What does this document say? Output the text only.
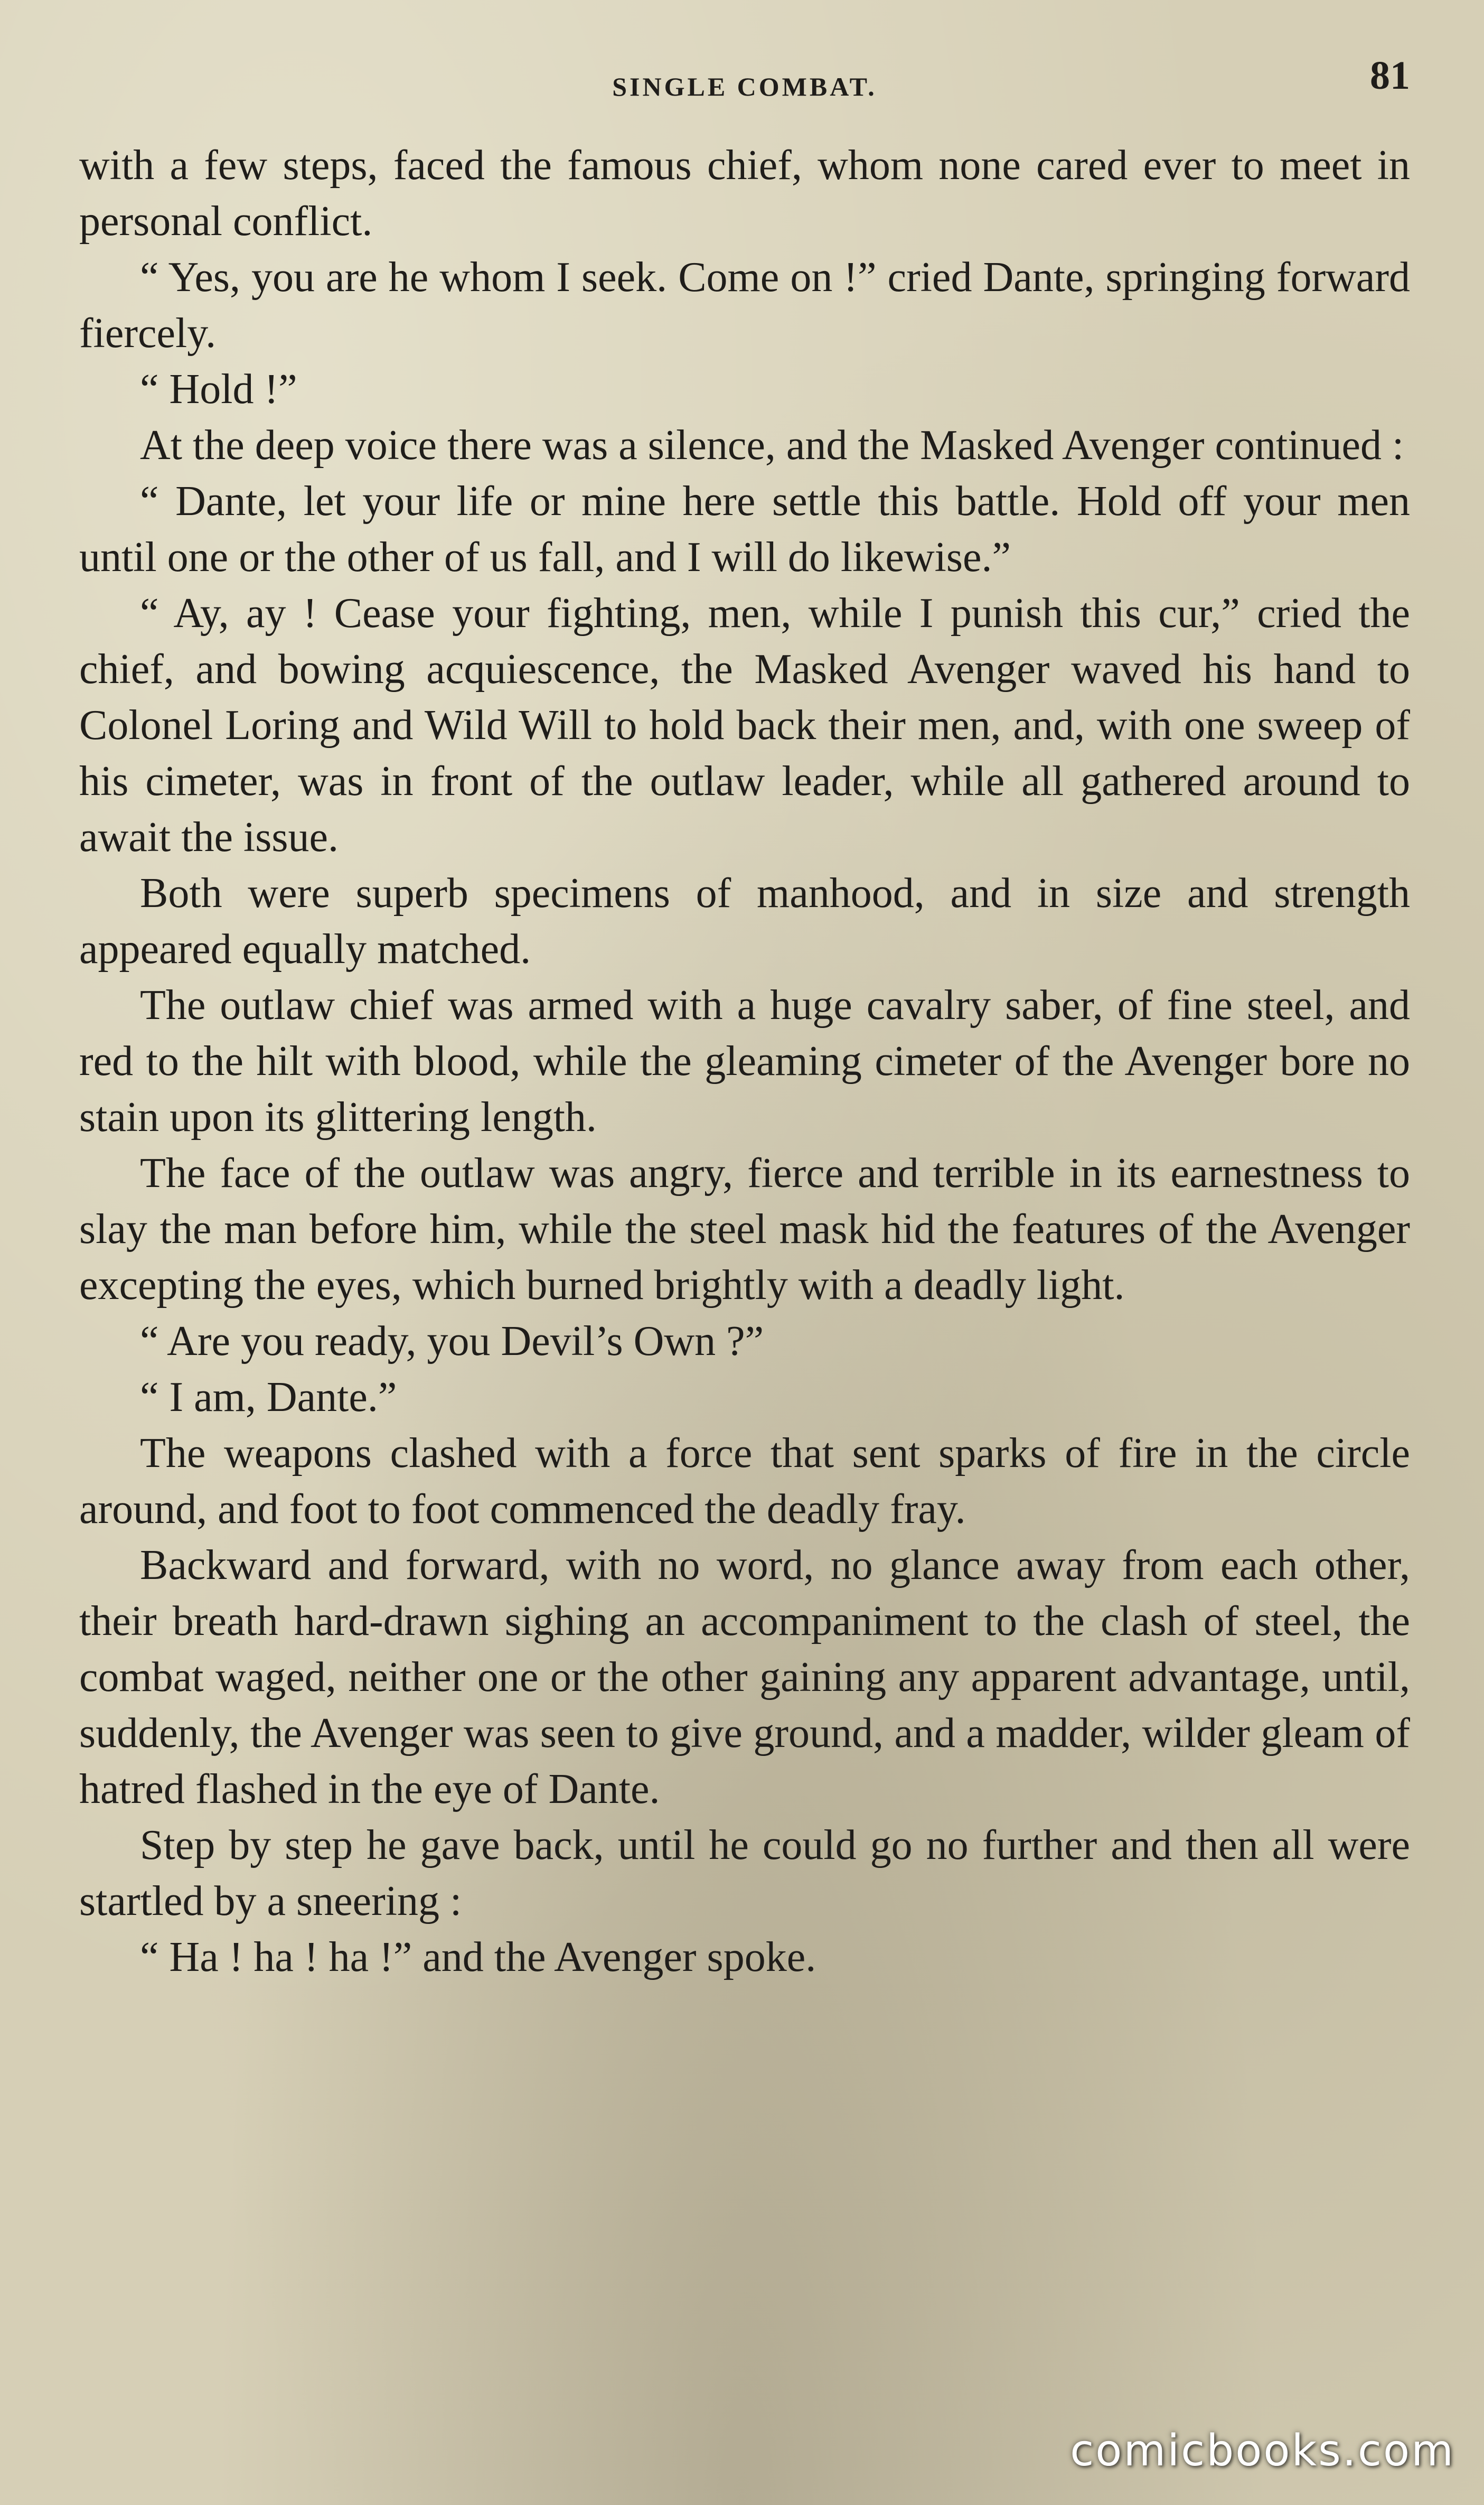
SINGLE COMBAT.	81

with a few steps, faced the famous chief, whom none cared ever to meet in personal conflict.

“ Yes, you are he whom I seek. Come on !” cried Dante, springing forward fiercely.

“ Hold !”

At the deep voice there was a silence, and the Masked Avenger continued :

“ Dante, let your life or mine here settle this battle. Hold off your men until one or the other of us fall, and I will do likewise.”

“ Ay, ay ! Cease your fighting, men, while I punish this cur,” cried the chief, and bowing acquiescence, the Masked Avenger waved his hand to Colonel Loring and Wild Will to hold back their men, and, with one sweep of his cimeter, was in front of the outlaw leader, while all gathered around to await the issue.

Both were superb specimens of manhood, and in size and strength appeared equally matched.

The outlaw chief was armed with a huge cavalry saber, of fine steel, and red to the hilt with blood, while the gleaming cimeter of the Avenger bore no stain upon its glittering length.

The face of the outlaw was angry, fierce and terrible in its earnestness to slay the man before him, while the steel mask hid the features of the Avenger excepting the eyes, which burned brightly with a deadly light.

“ Are you ready, you Devil’s Own ?”

“ I am, Dante.”

The weapons clashed with a force that sent sparks of fire in the circle around, and foot to foot commenced the deadly fray.

Backward and forward, with no word, no glance away from each other, their breath hard-drawn sighing an accompaniment to the clash of steel, the combat waged, neither one or the other gaining any apparent advantage, until, suddenly, the Avenger was seen to give ground, and a madder, wilder gleam of hatred flashed in the eye of Dante.

Step by step he gave back, until he could go no further and then all were startled by a sneering :

“ Ha ! ha ! ha !” and the Avenger spoke.

comicbooks.com
